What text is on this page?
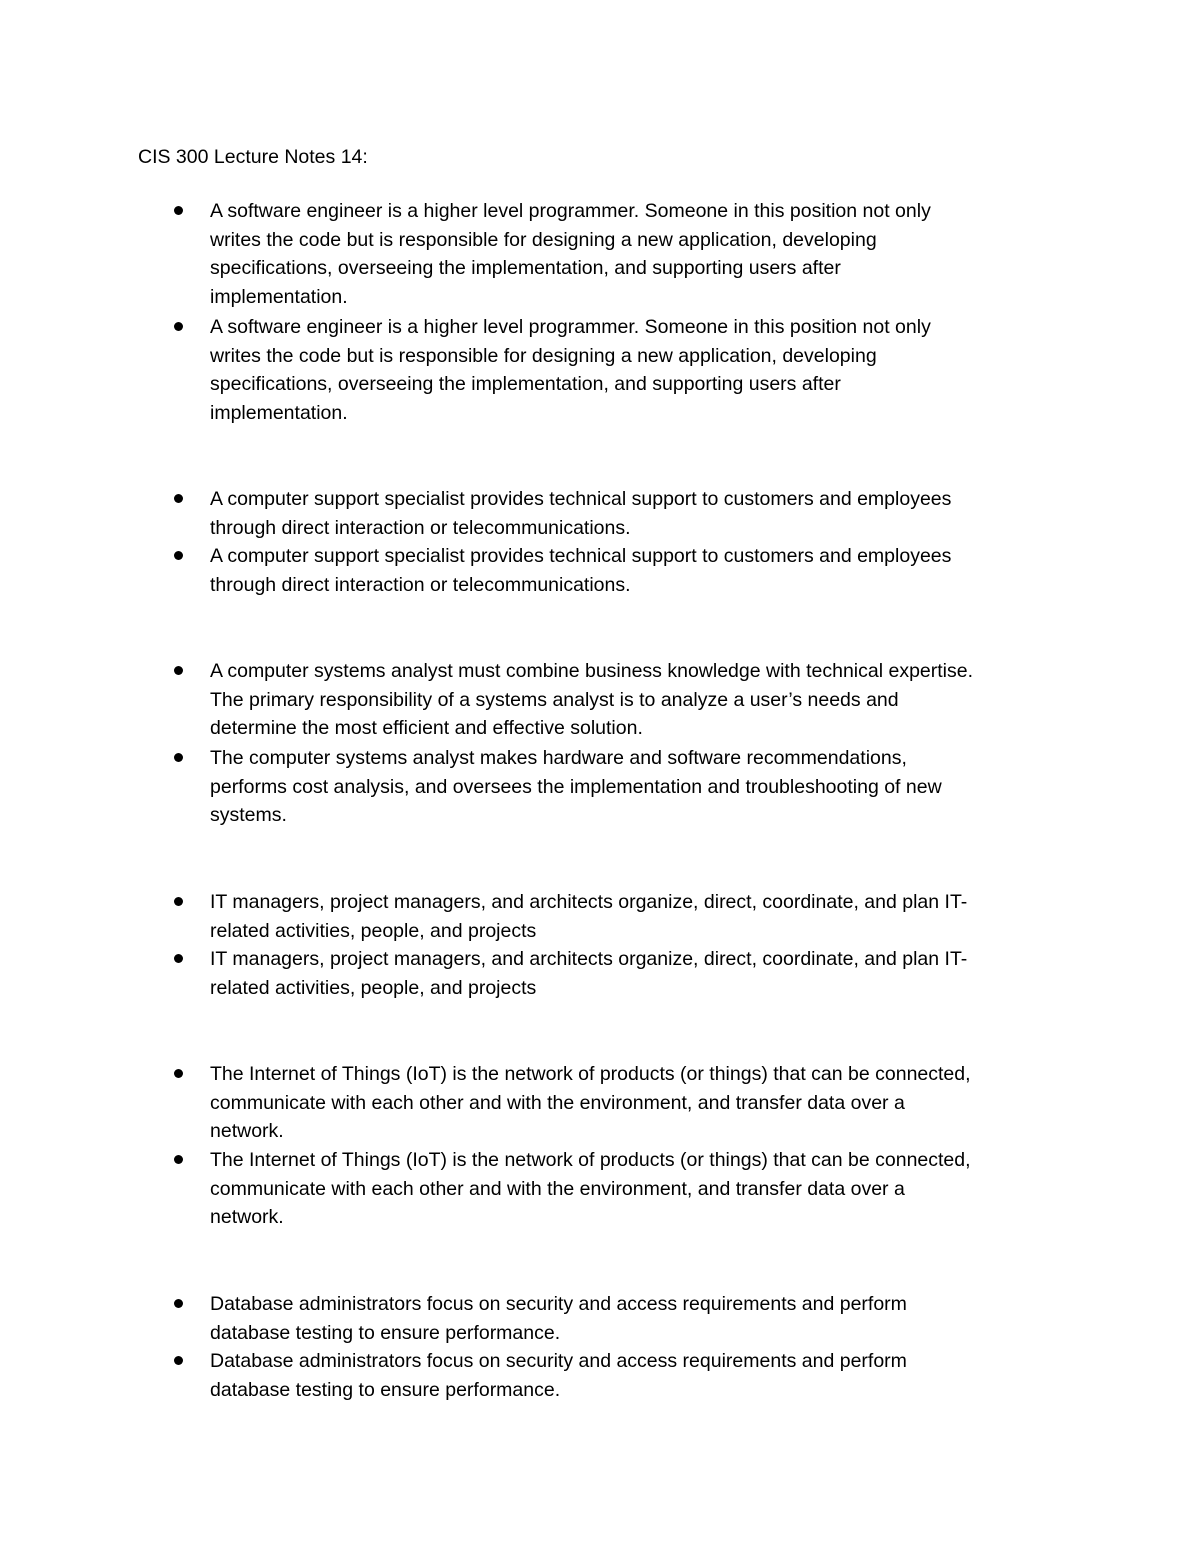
CIS 300 Lecture Notes 14:
A software engineer is a higher level programmer. Someone in this position not only
writes the code but is responsible for designing a new application, developing
specifications, overseeing the implementation, and supporting users after
implementation.
A software engineer is a higher level programmer. Someone in this position not only
writes the code but is responsible for designing a new application, developing
specifications, overseeing the implementation, and supporting users after
implementation.
A computer support specialist provides technical support to customers and employees
through direct interaction or telecommunications.
A computer support specialist provides technical support to customers and employees
through direct interaction or telecommunications.
A computer systems analyst must combine business knowledge with technical expertise.
The primary responsibility of a systems analyst is to analyze a user’s needs and
determine the most efficient and effective solution.
The computer systems analyst makes hardware and software recommendations,
performs cost analysis, and oversees the implementation and troubleshooting of new
systems.
IT managers, project managers, and architects organize, direct, coordinate, and plan IT-
related activities, people, and projects
IT managers, project managers, and architects organize, direct, coordinate, and plan IT-
related activities, people, and projects
The Internet of Things (IoT) is the network of products (or things) that can be connected,
communicate with each other and with the environment, and transfer data over a
network.
The Internet of Things (IoT) is the network of products (or things) that can be connected,
communicate with each other and with the environment, and transfer data over a
network.
Database administrators focus on security and access requirements and perform
database testing to ensure performance.
Database administrators focus on security and access requirements and perform
database testing to ensure performance.
